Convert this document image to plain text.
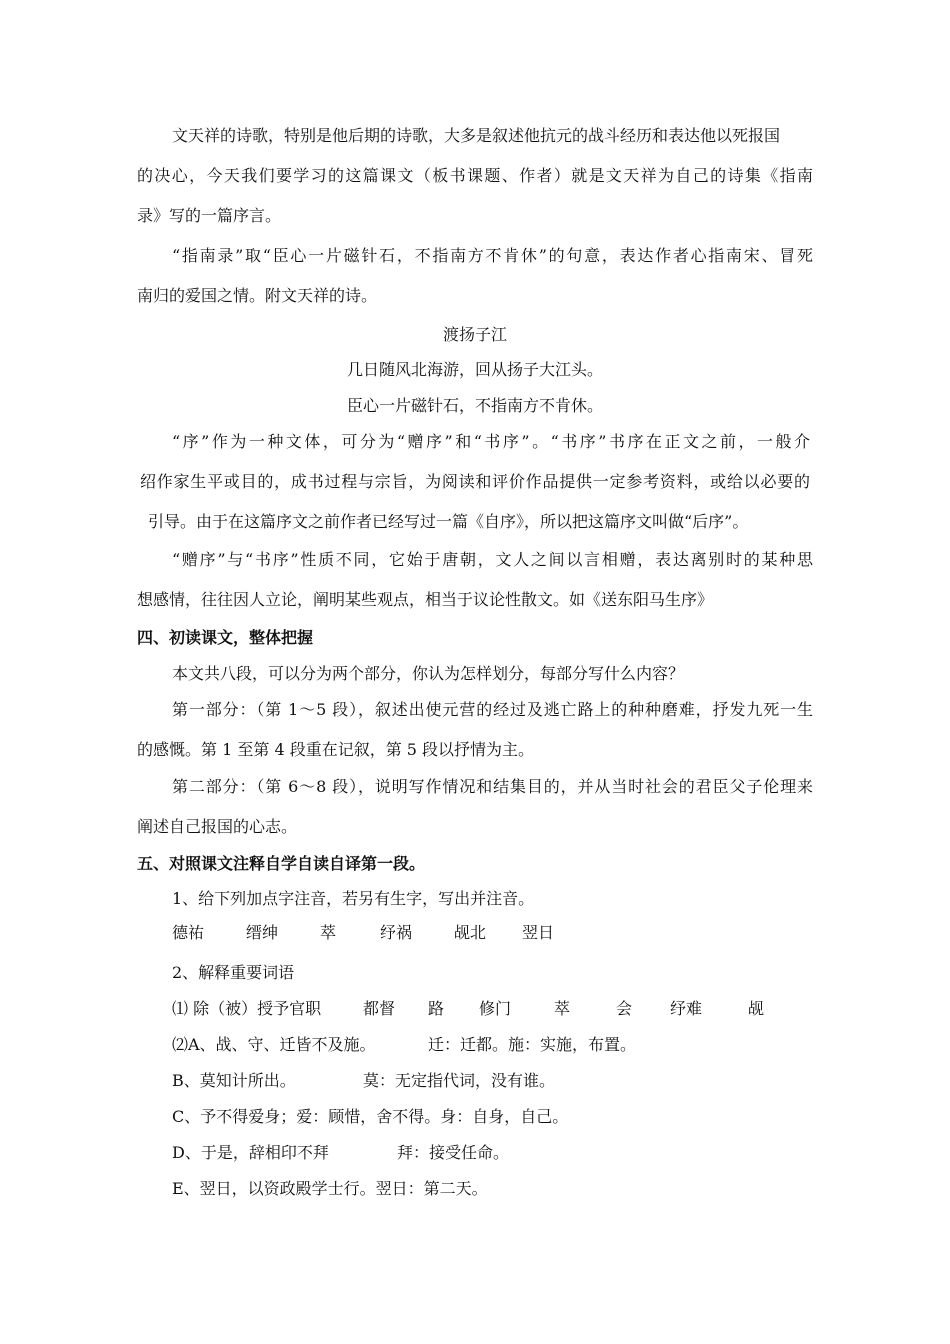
文天祥的诗歌，特别是他后期的诗歌，大多是叙述他抗元的战斗经历和表达他以死报国
的决心，今天我们要学习的这篇课文（板书课题、作者）就是文天祥为自己的诗集《指南
录》写的一篇序言。
“指南录”取“臣心一片磁针石，不指南方不肯休”的句意，表达作者心指南宋、冒死
南归的爱国之情。附文天祥的诗。
渡扬子江
几日随风北海游，回从扬子大江头。
臣心一片磁针石，不指南方不肯休。
“序”作为一种文体，可分为“赠序”和“书序”。“书序”书序在正文之前，一般介
绍作家生平或目的，成书过程与宗旨，为阅读和评价作品提供一定参考资料，或给以必要的
引导。由于在这篇序文之前作者已经写过一篇《自序》，所以把这篇序文叫做“后序”。
“赠序”与“书序”性质不同，它始于唐朝，文人之间以言相赠，表达离别时的某种思
想感情，往往因人立论，阐明某些观点，相当于议论性散文。如《送东阳马生序》
四、初读课文，整体把握
本文共八段，可以分为两个部分，你认为怎样划分，每部分写什么内容？
第一部分：（第 1～5 段），叙述出使元营的经过及逃亡路上的种种磨难，抒发九死一生
的感慨。第 1 至第 4 段重在记叙，第 5 段以抒情为主。
第二部分：（第 6～8 段），说明写作情况和结集目的，并从当时社会的君臣父子伦理来
阐述自己报国的心志。
五、对照课文注释自学自读自译第一段。
1、给下列加点字注音，若另有生字，写出并注音。
德祐	缙绅	萃	纾祸	觇北 翌日
2、解释重要词语
⑴ 除（被）授予官职	都督 路 修门	萃	会 纾难	觇
⑵A、战、守、迁皆不及施。	迁：迁都。施：实施，布置。
B、莫知计所出。	莫：无定指代词，没有谁。
C、予不得爱身；爱：顾惜，舍不得。身：自身，自己。
D、于是，辞相印不拜	拜：接受任命。
E、翌日，以资政殿学士行。翌日：第二天。
